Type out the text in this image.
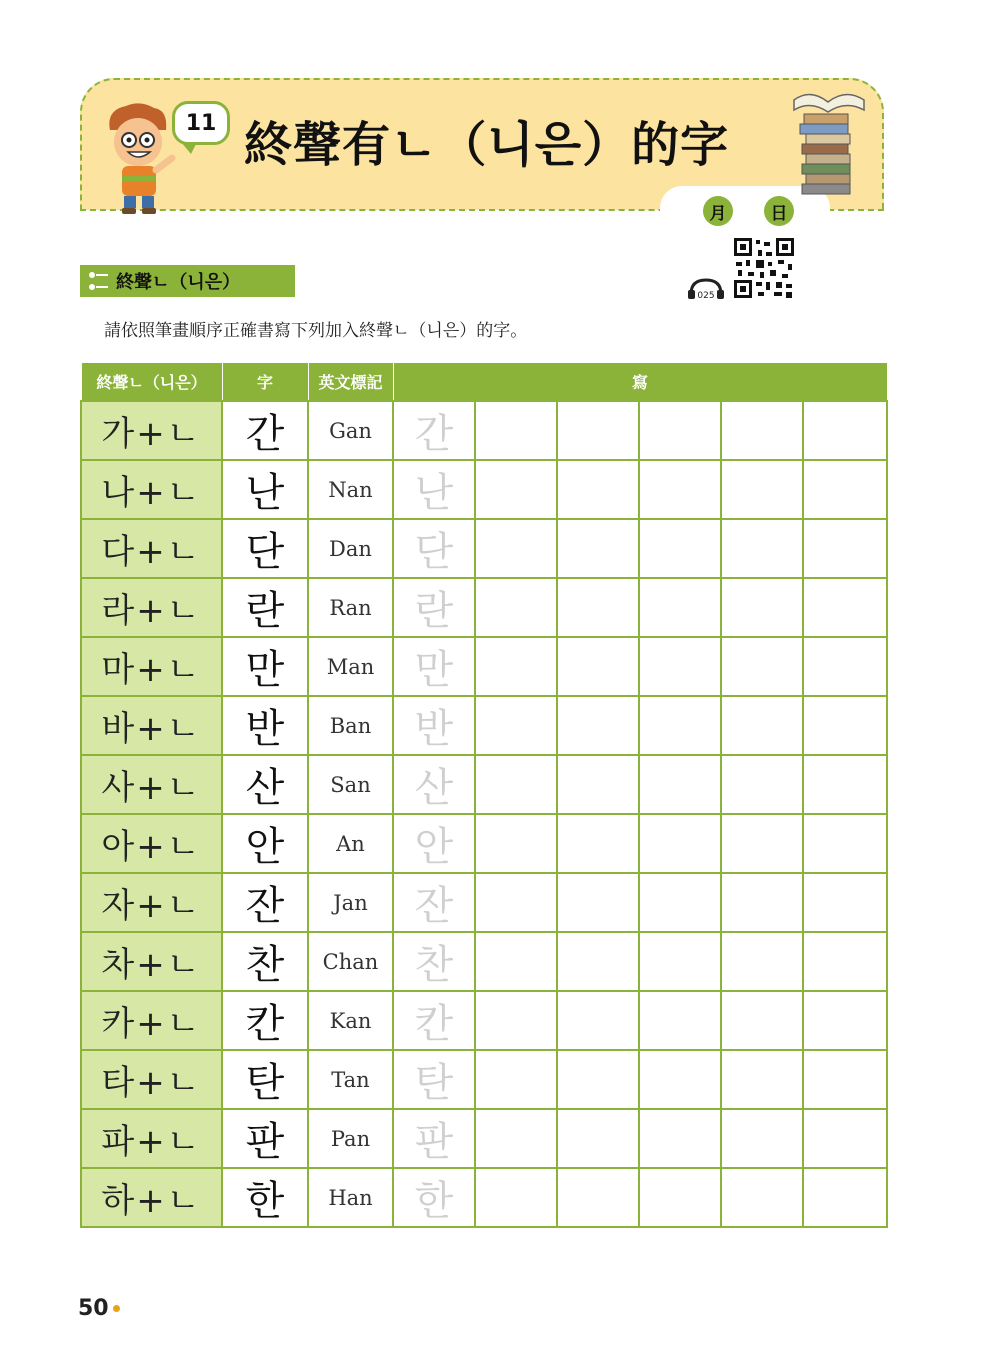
月	日
11 終聲有ㄴ（니은）的字
終聲ㄴ（니은）
025
請依照筆畫順序正確書寫下列加入終聲ㄴ（니은）的字。
終聲ㄴ（니은）	字	英文標記	寫					
가+ㄴ	간	Gan	간					
나+ㄴ	난	Nan	난					
다+ㄴ	단	Dan	단					
라+ㄴ	란	Ran	란					
마+ㄴ	만	Man	만					
바+ㄴ	반	Ban	반					
사+ㄴ	산	San	산					
아+ㄴ	안	An	안					
자+ㄴ	잔	Jan	잔					
차+ㄴ	찬	Chan	찬					
카+ㄴ	칸	Kan	칸					
타+ㄴ	탄	Tan	탄					
파+ㄴ	판	Pan	판					
하+ㄴ	한	Han	한					
50
